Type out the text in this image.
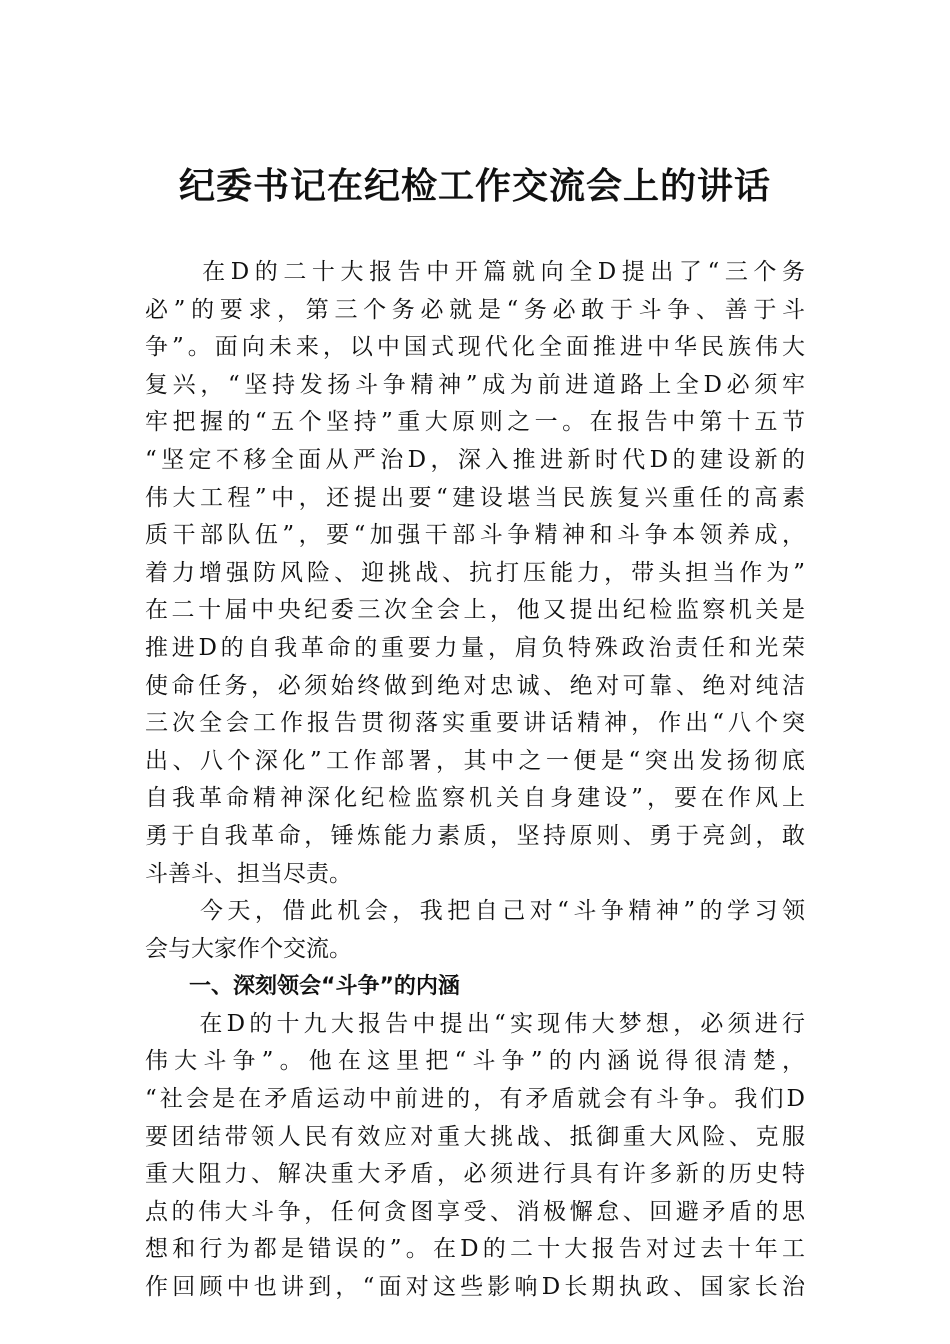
纪委书记在纪检工作交流会上的讲话
　　在D的二十大报告中开篇就向全D提出了“三个务
必”的要求，第三个务必就是“务必敢于斗争、善于斗
争”。面向未来，以中国式现代化全面推进中华民族伟大
复兴，“坚持发扬斗争精神”成为前进道路上全D必须牢
牢把握的“五个坚持”重大原则之一。在报告中第十五节
“坚定不移全面从严治D，深入推进新时代D的建设新的
伟大工程”中，还提出要“建设堪当民族复兴重任的高素
质干部队伍”，要“加强干部斗争精神和斗争本领养成，
着力增强防风险、迎挑战、抗打压能力，带头担当作为”
在二十届中央纪委三次全会上，他又提出纪检监察机关是
推进D的自我革命的重要力量，肩负特殊政治责任和光荣
使命任务，必须始终做到绝对忠诚、绝对可靠、绝对纯洁
三次全会工作报告贯彻落实重要讲话精神，作出“八个突
出、八个深化”工作部署，其中之一便是“突出发扬彻底
自我革命精神深化纪检监察机关自身建设”，要在作风上
勇于自我革命，锤炼能力素质，坚持原则、勇于亮剑，敢
斗善斗、担当尽责。
　　今天，借此机会，我把自己对“斗争精神”的学习领
会与大家作个交流。
　　一、深刻领会“斗争”的内涵
　　在D的十九大报告中提出“实现伟大梦想，必须进行
伟大斗争”。他在这里把“斗争”的内涵说得很清楚，
“社会是在矛盾运动中前进的，有矛盾就会有斗争。我们D
要团结带领人民有效应对重大挑战、抵御重大风险、克服
重大阻力、解决重大矛盾，必须进行具有许多新的历史特
点的伟大斗争，任何贪图享受、消极懈怠、回避矛盾的思
想和行为都是错误的”。在D的二十大报告对过去十年工
作回顾中也讲到，“面对这些影响D长期执政、国家长治
